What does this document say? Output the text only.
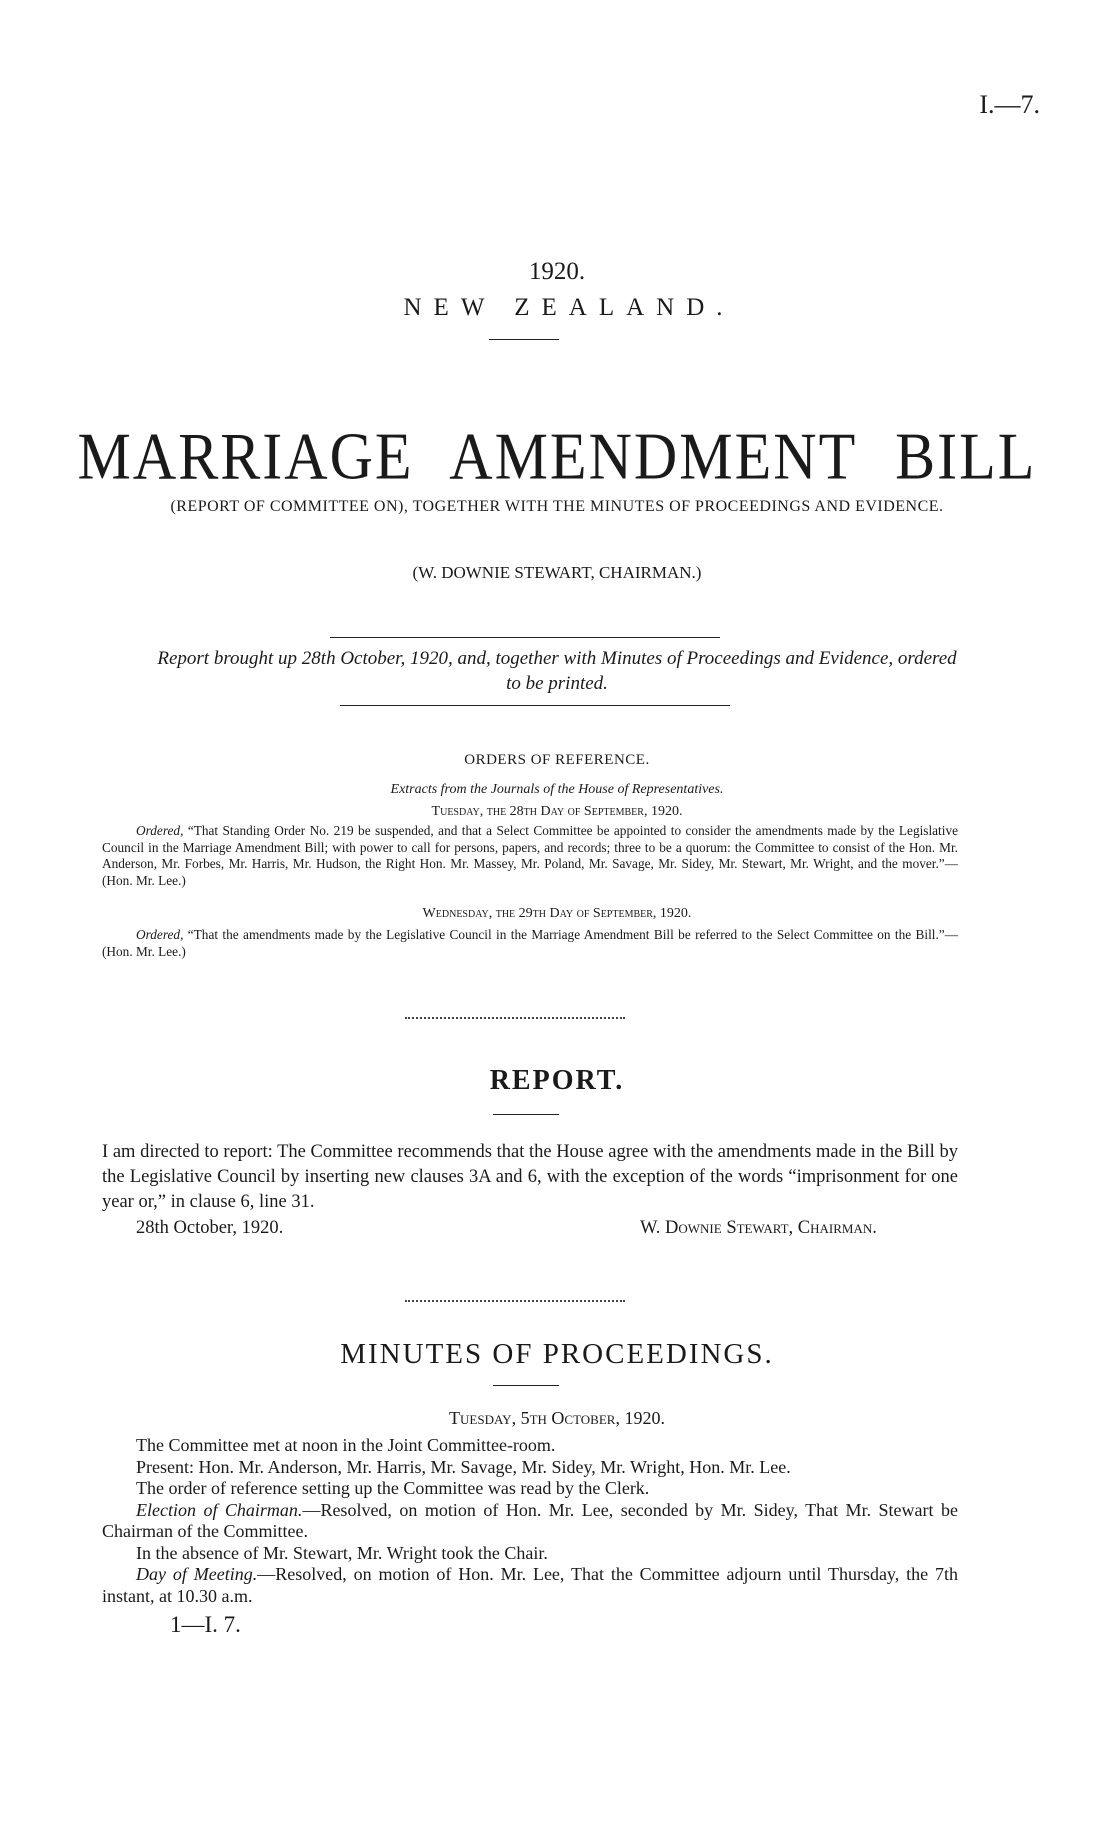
I.—7.
1920.
NEW ZEALAND.
MARRIAGE AMENDMENT BILL
(REPORT OF COMMITTEE ON), TOGETHER WITH THE MINUTES OF PROCEEDINGS AND EVIDENCE.
(W. DOWNIE STEWART, CHAIRMAN.)
Report brought up 28th October, 1920, and, together with Minutes of Proceedings and Evidence, ordered
to be printed.
ORDERS OF REFERENCE.
Extracts from the Journals of the House of Representatives.
Tuesday, the 28th Day of September, 1920.
Ordered, “That Standing Order No. 219 be suspended, and that a Select Committee be appointed to consider the amendments made by the Legislative Council in the Marriage Amendment Bill; with power to call for persons, papers, and records; three to be a quorum: the Committee to consist of the Hon. Mr. Anderson, Mr. Forbes, Mr. Harris, Mr. Hudson, the Right Hon. Mr. Massey, Mr. Poland, Mr. Savage, Mr. Sidey, Mr. Stewart, Mr. Wright, and the mover.”—(Hon. Mr. Lee.)
Wednesday, the 29th Day of September, 1920.
Ordered, “That the amendments made by the Legislative Council in the Marriage Amendment Bill be referred to the Select Committee on the Bill.”—(Hon. Mr. Lee.)
REPORT.
I am directed to report: The Committee recommends that the House agree with the amendments made in the Bill by the Legislative Council by inserting new clauses 3A and 6, with the exception of the words “imprisonment for one year or,” in clause 6, line 31.
28th October, 1920.	W. Downie Stewart, Chairman.
MINUTES OF PROCEEDINGS.
Tuesday, 5th October, 1920.
The Committee met at noon in the Joint Committee-room.
Present: Hon. Mr. Anderson, Mr. Harris, Mr. Savage, Mr. Sidey, Mr. Wright, Hon. Mr. Lee.
The order of reference setting up the Committee was read by the Clerk.
Election of Chairman.—Resolved, on motion of Hon. Mr. Lee, seconded by Mr. Sidey, That Mr. Stewart be Chairman of the Committee.
In the absence of Mr. Stewart, Mr. Wright took the Chair.
Day of Meeting.—Resolved, on motion of Hon. Mr. Lee, That the Committee adjourn until Thursday, the 7th instant, at 10.30 a.m.
1—I. 7.
